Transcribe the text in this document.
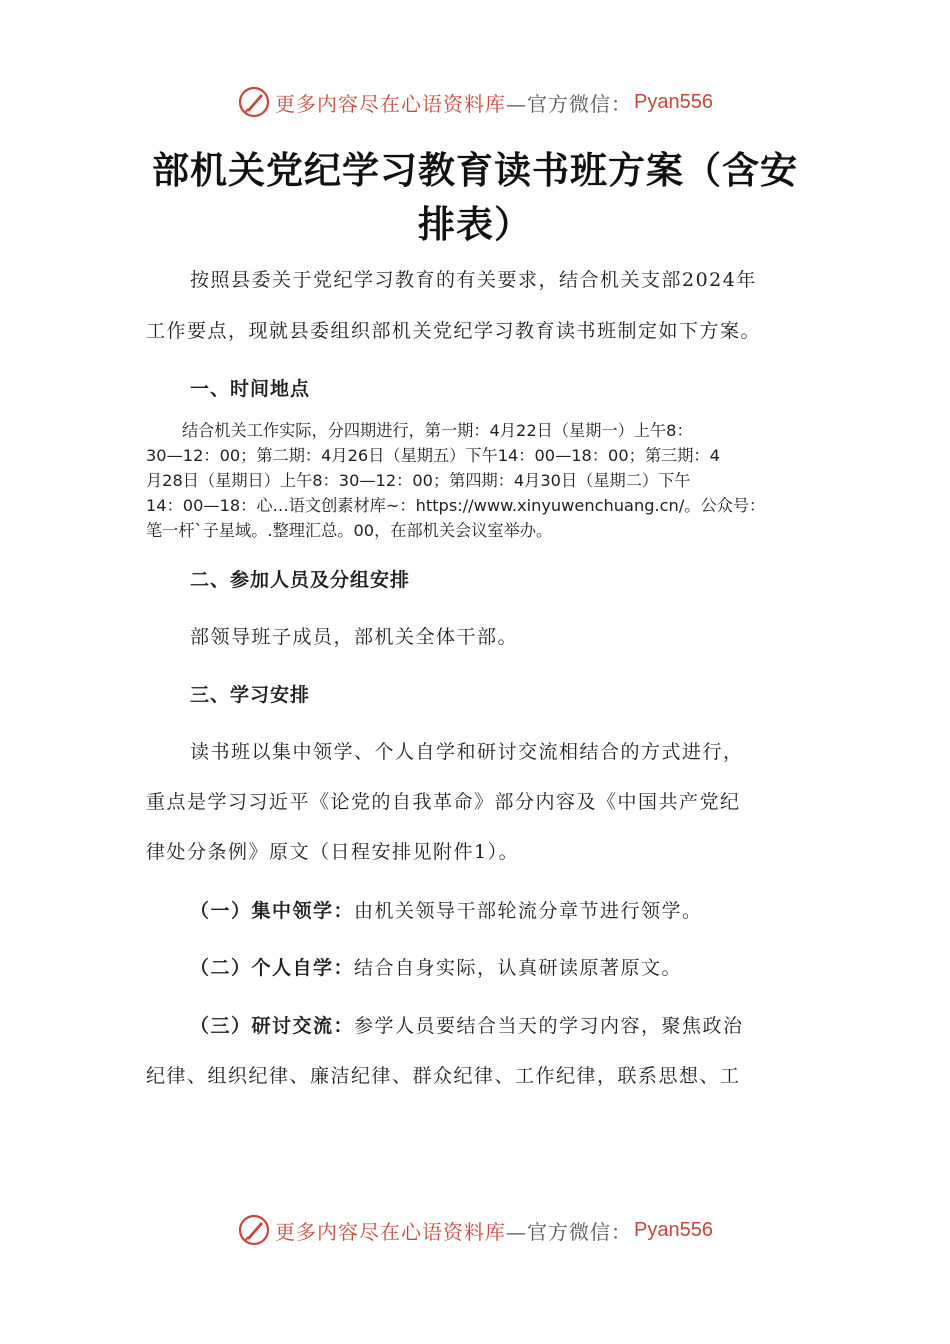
更多内容尽在心语资料库 —官方微信： Pyan556
部机关党纪学习教育读书班方案（含安
排表）
按照县委关于党纪学习教育的有关要求，结合机关支部2024年
工作要点，现就县委组织部机关党纪学习教育读书班制定如下方案。
一、时间地点
结合机关工作实际，分四期进行，第一期：4月22日（星期一）上午8：
30—12：00；第二期：4月26日（星期五）下午14：00—18：00；第三期：4
月28日（星期日）上午8：30—12：00；第四期：4月30日（星期二）下午
14：00—18：心…语文创素材库~：https://www.xinyuwenchuang.cn/。公众号：
笔一杆`子星域。.整理汇总。00，在部机关会议室举办。
二、参加人员及分组安排
部领导班子成员，部机关全体干部。
三、学习安排
读书班以集中领学、个人自学和研讨交流相结合的方式进行，
重点是学习习近平《论党的自我革命》部分内容及《中国共产党纪
律处分条例》原文（日程安排见附件1）。
（一）集中领学：由机关领导干部轮流分章节进行领学。
（二）个人自学：结合自身实际，认真研读原著原文。
（三）研讨交流：参学人员要结合当天的学习内容，聚焦政治
纪律、组织纪律、廉洁纪律、群众纪律、工作纪律，联系思想、工
更多内容尽在心语资料库 —官方微信： Pyan556
